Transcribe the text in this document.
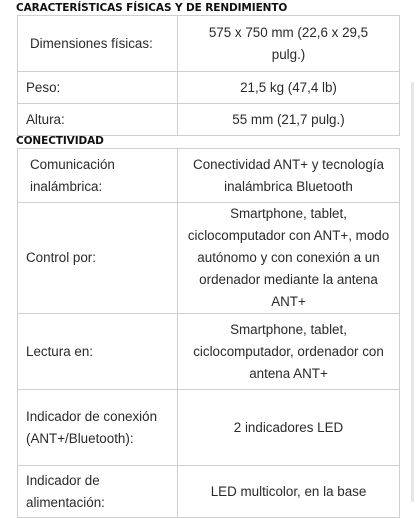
CARACTERÍSTICAS FÍSICAS Y DE RENDIMIENTO
Dimensiones físicas:	575 x 750 mm (22,6 x 29,5 pulg.)
Peso:	21,5 kg (47,4 lb)
Altura:	55 mm (21,7 pulg.)
CONECTIVIDAD
Comunicación inalámbrica:	Conectividad ANT+ y tecnología inalámbrica Bluetooth
Control por:	Smartphone, tablet, ciclocomputador con ANT+, modo autónomo y con conexión a un ordenador mediante la antena ANT+
Lectura en:	Smartphone, tablet, ciclocomputador, ordenador con antena ANT+
Indicador de conexión (ANT+/Bluetooth):	2 indicadores LED
Indicador de alimentación:	LED multicolor, en la base
